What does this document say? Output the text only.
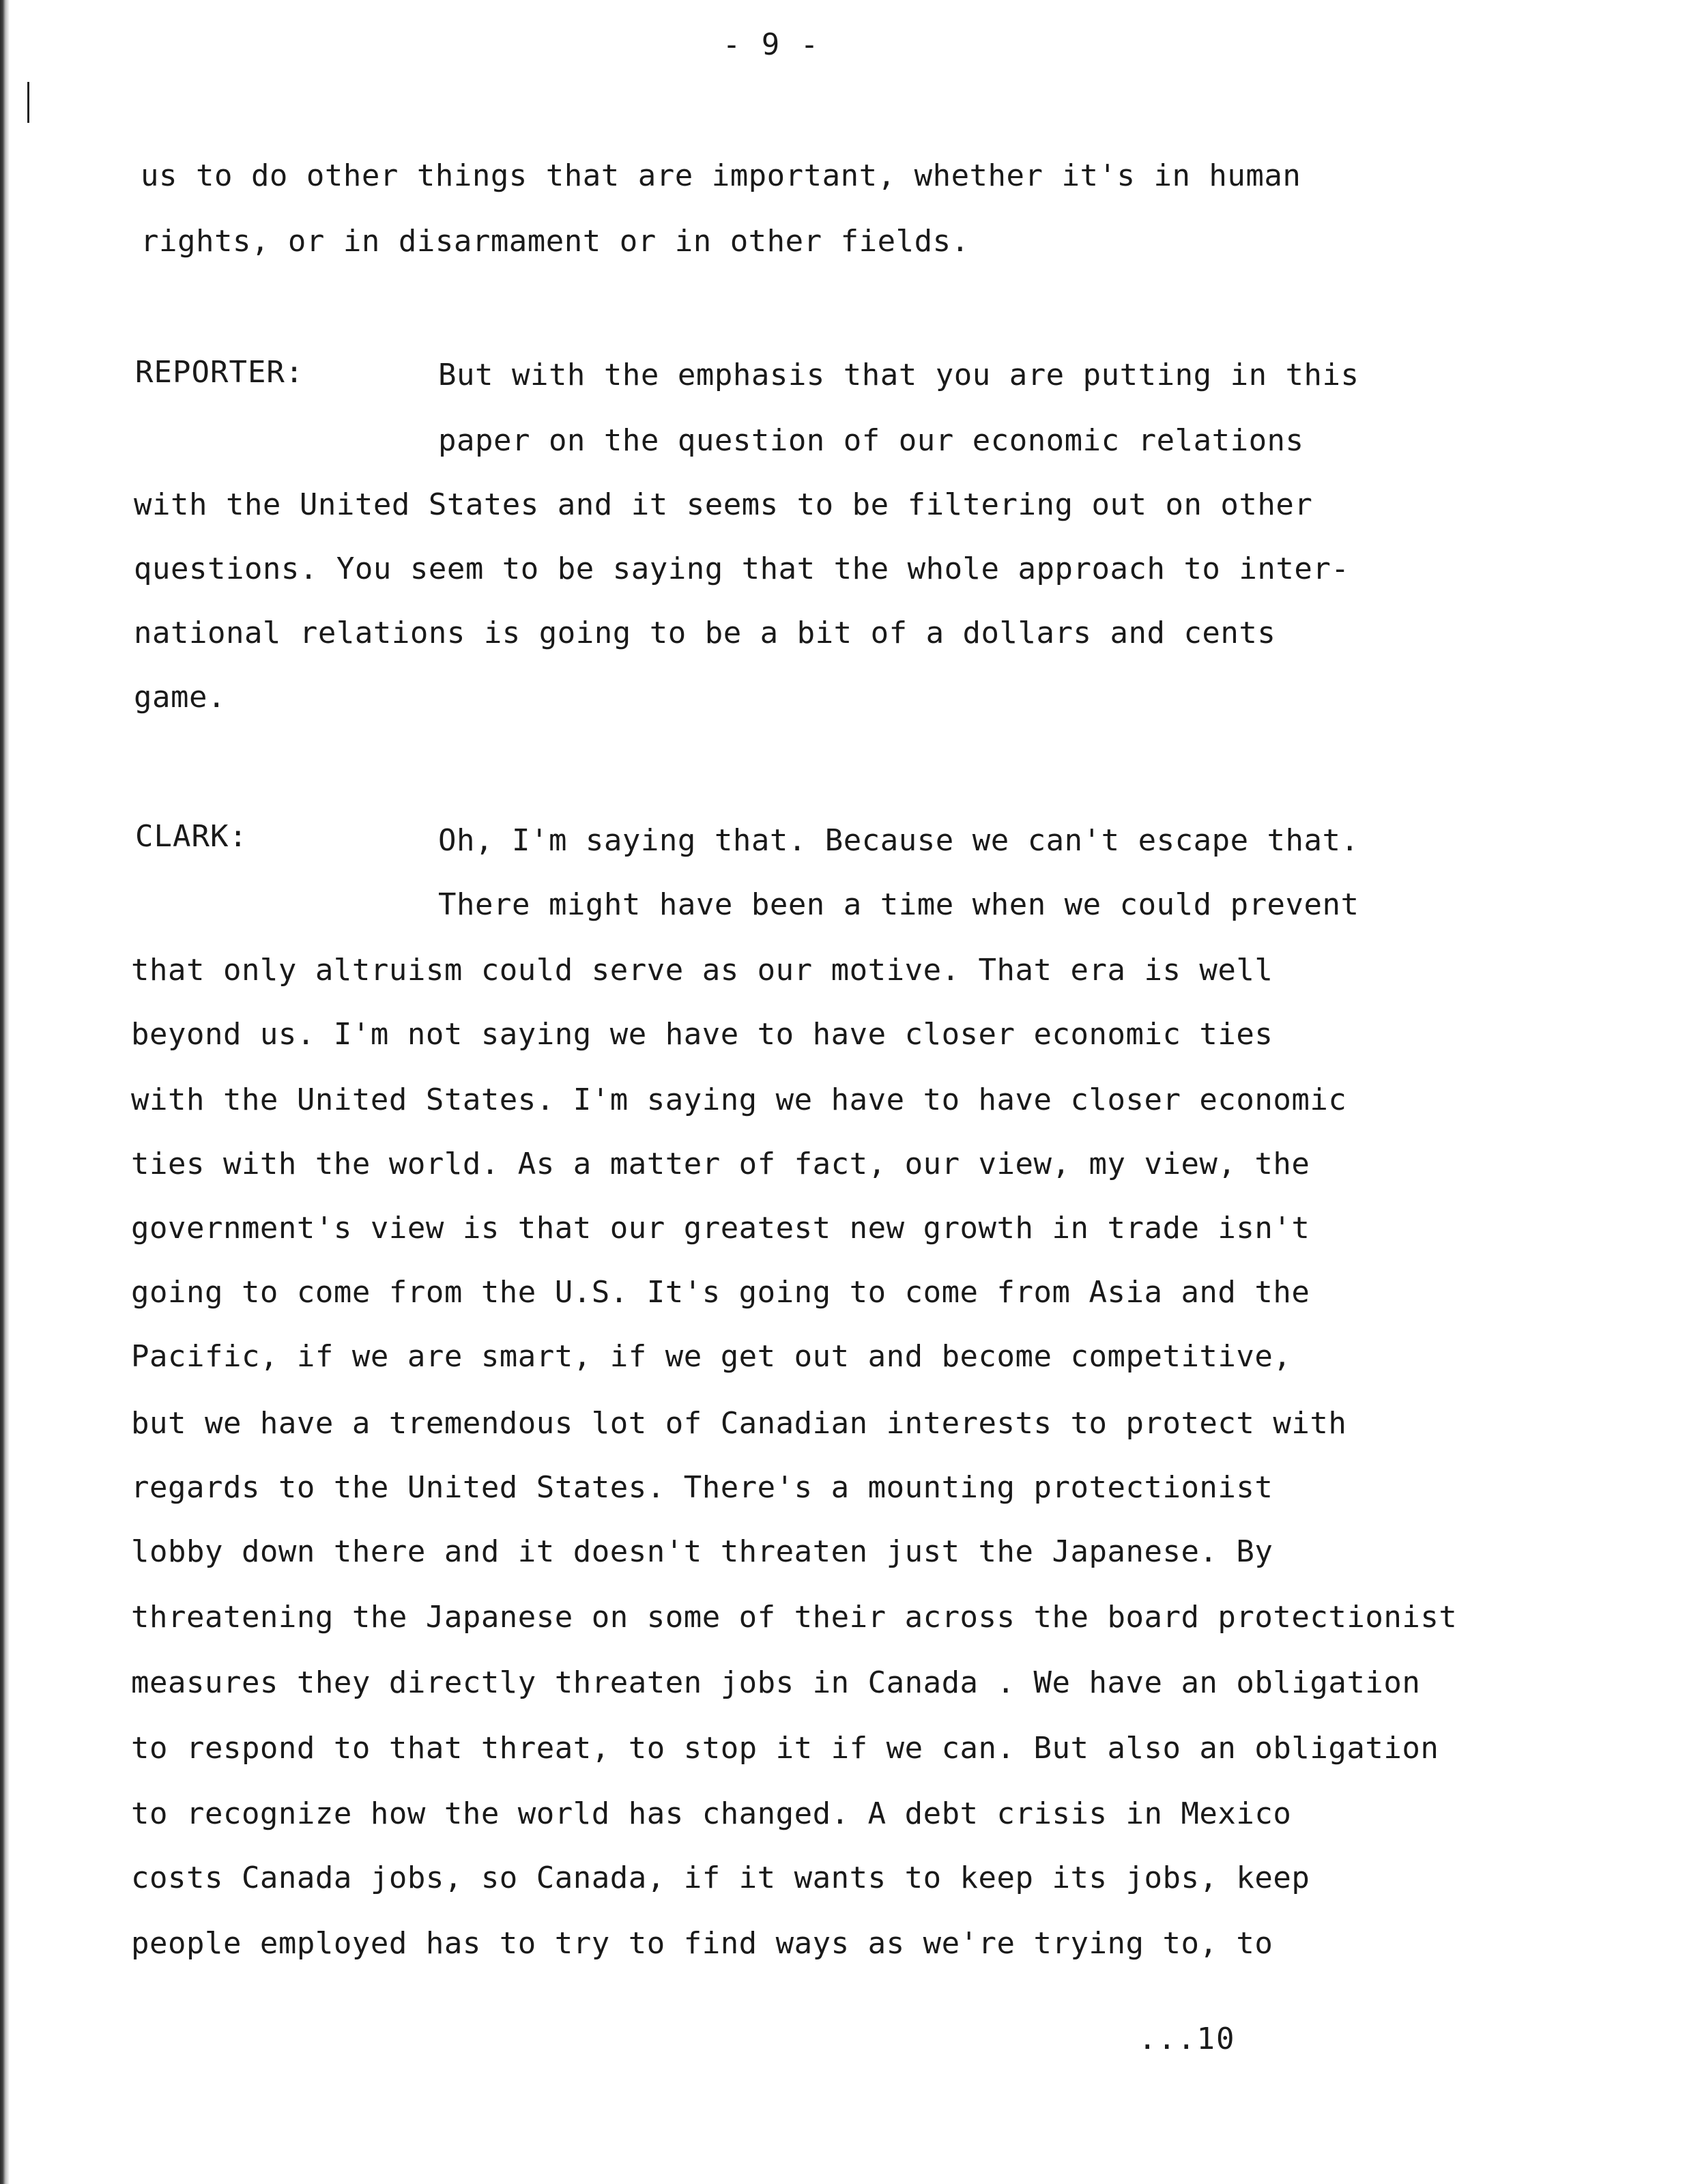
- 9 -
us to do other things that are important, whether it's in human
rights, or in disarmament or in other fields.
REPORTER:	But with the emphasis that you are putting in this
paper on the question of our economic relations
with the United States and it seems to be filtering out on other
questions. You seem to be saying that the whole approach to inter-
national relations is going to be a bit of a dollars and cents
game.
CLARK:	Oh, I'm saying that. Because we can't escape that.
There might have been a time when we could prevent
that only altruism could serve as our motive. That era is well
beyond us. I'm not saying we have to have closer economic ties
with the United States. I'm saying we have to have closer economic
ties with the world. As a matter of fact, our view, my view, the
government's view is that our greatest new growth in trade isn't
going to come from the U.S. It's going to come from Asia and the
Pacific, if we are smart, if we get out and become competitive,
but we have a tremendous lot of Canadian interests to protect with
regards to the United States. There's a mounting protectionist
lobby down there and it doesn't threaten just the Japanese. By
threatening the Japanese on some of their across the board protectionist
measures they directly threaten jobs in Canada . We have an obligation
to respond to that threat, to stop it if we can. But also an obligation
to recognize how the world has changed. A debt crisis in Mexico
costs Canada jobs, so Canada, if it wants to keep its jobs, keep
people employed has to try to find ways as we're trying to, to
...10
